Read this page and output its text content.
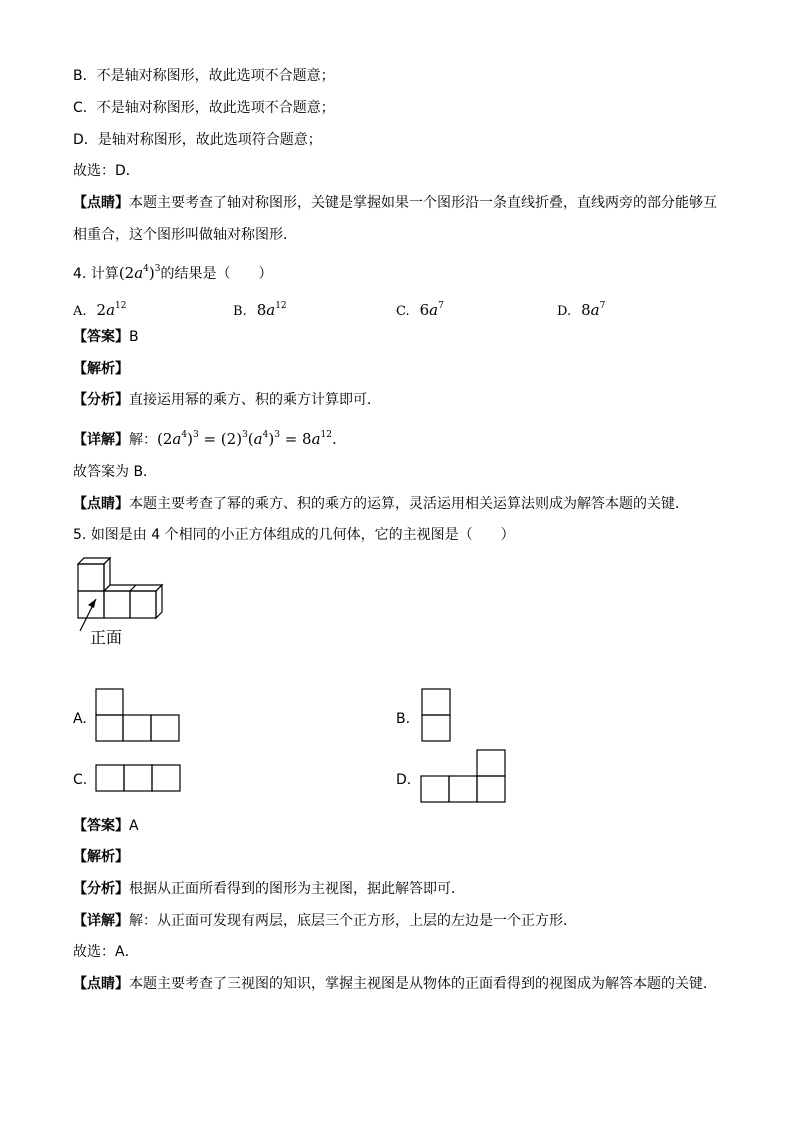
B．不是轴对称图形，故此选项不合题意；
C．不是轴对称图形，故此选项不合题意；
D．是轴对称图形，故此选项符合题意；
故选：D．
【点睛】本题主要考查了轴对称图形，关键是掌握如果一个图形沿一条直线折叠，直线两旁的部分能够互
相重合，这个图形叫做轴对称图形．
4. 计算$(2a^4)^3$的结果是（　　）
A. $2a^{12}$	B. $8a^{12}$	C. $6a^7$	D. $8a^7$
【答案】B
【解析】
【分析】直接运用幂的乘方、积的乘方计算即可．
【详解】解：$(2a^4)^3 = (2)^3(a^4)^3 = 8a^{12}$.
故答案为 B．
【点睛】本题主要考查了幂的乘方、积的乘方的运算，灵活运用相关运算法则成为解答本题的关键．
5. 如图是由 4 个相同的小正方体组成的几何体，它的主视图是（　　）
正面
A.	B.
C.	D.
【答案】A
【解析】
【分析】根据从正面所看得到的图形为主视图，据此解答即可．
【详解】解：从正面可发现有两层，底层三个正方形，上层的左边是一个正方形．
故选：A．
【点睛】本题主要考查了三视图的知识，掌握主视图是从物体的正面看得到的视图成为解答本题的关键．
